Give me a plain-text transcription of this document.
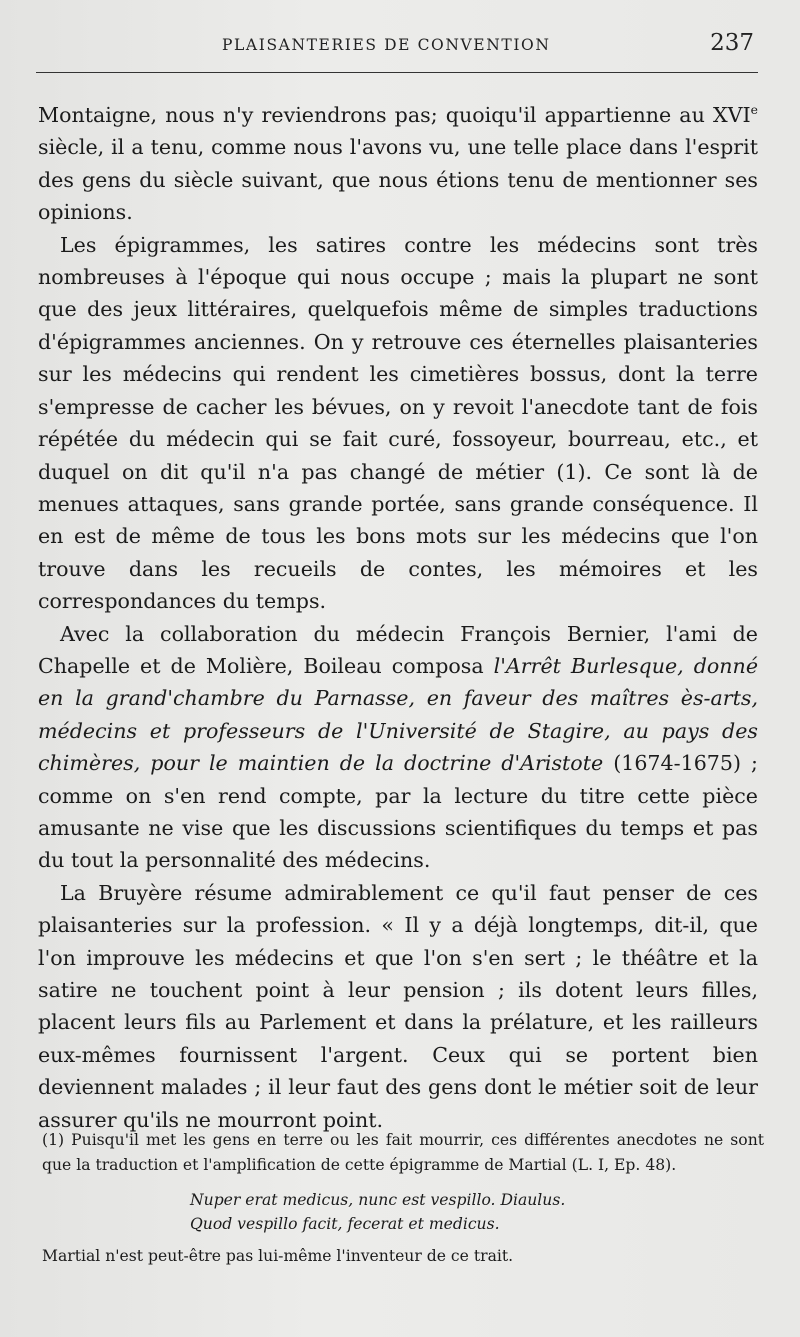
PLAISANTERIES DE CONVENTION	237

Montaigne, nous n'y reviendrons pas; quoiqu'il appartienne au XVIe siècle, il a tenu, comme nous l'avons vu, une telle place dans l'esprit des gens du siècle suivant, que nous étions tenu de mentionner ses opinions.

Les épigrammes, les satires contre les médecins sont très nombreuses à l'époque qui nous occupe ; mais la plupart ne sont que des jeux littéraires, quelquefois même de simples traductions d'épigrammes anciennes. On y retrouve ces éternelles plaisanteries sur les médecins qui rendent les cimetières bossus, dont la terre s'empresse de cacher les bévues, on y revoit l'anecdote tant de fois répétée du médecin qui se fait curé, fossoyeur, bourreau, etc., et duquel on dit qu'il n'a pas changé de métier (1). Ce sont là de menues attaques, sans grande portée, sans grande conséquence. Il en est de même de tous les bons mots sur les médecins que l'on trouve dans les recueils de contes, les mémoires et les correspondances du temps.

Avec la collaboration du médecin François Bernier, l'ami de Chapelle et de Molière, Boileau composa l'Arrêt Burlesque, donné en la grand'chambre du Parnasse, en faveur des maîtres ès-arts, médecins et professeurs de l'Université de Stagire, au pays des chimères, pour le maintien de la doctrine d'Aristote (1674-1675) ; comme on s'en rend compte, par la lecture du titre cette pièce amusante ne vise que les discussions scientifiques du temps et pas du tout la personnalité des médecins.

La Bruyère résume admirablement ce qu'il faut penser de ces plaisanteries sur la profession. « Il y a déjà longtemps, dit-il, que l'on improuve les médecins et que l'on s'en sert ; le théâtre et la satire ne touchent point à leur pension ; ils dotent leurs filles, placent leurs fils au Parlement et dans la prélature, et les railleurs eux-mêmes fournissent l'argent. Ceux qui se portent bien deviennent malades ; il leur faut des gens dont le métier soit de leur assurer qu'ils ne mourront point.

(1) Puisqu'il met les gens en terre ou les fait mourrir, ces différentes anecdotes ne sont que la traduction et l'amplification de cette épigramme de Martial (L. I, Ep. 48).

Nuper erat medicus, nunc est vespillo. Diaulus.
Quod vespillo facit, fecerat et medicus.

Martial n'est peut-être pas lui-même l'inventeur de ce trait.
